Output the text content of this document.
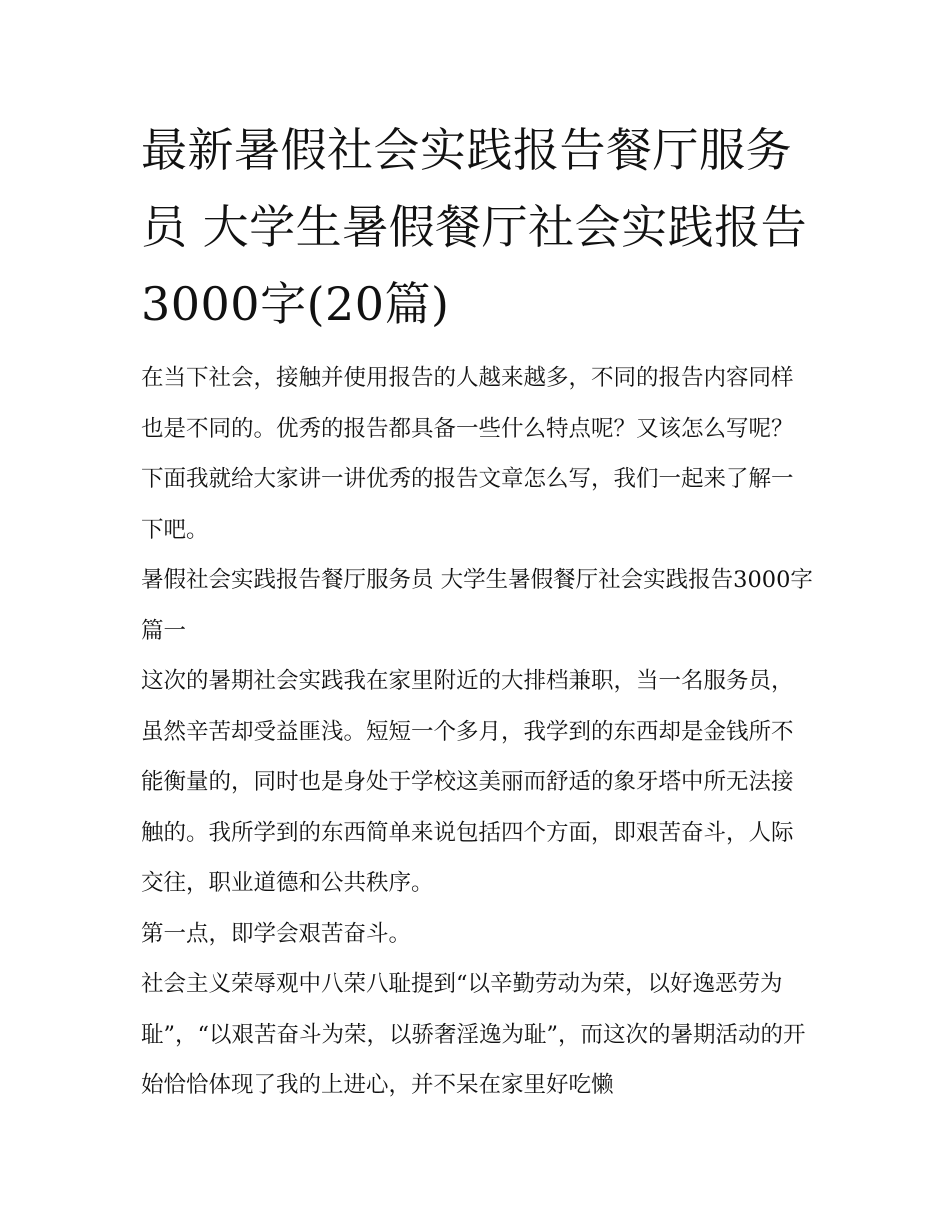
最新暑假社会实践报告餐厅服务员 大学生暑假餐厅社会实践报告3000字(20篇)

在当下社会，接触并使用报告的人越来越多，不同的报告内容同样也是不同的。优秀的报告都具备一些什么特点呢？又该怎么写呢？下面我就给大家讲一讲优秀的报告文章怎么写，我们一起来了解一下吧。

暑假社会实践报告餐厅服务员 大学生暑假餐厅社会实践报告3000字篇一

这次的暑期社会实践我在家里附近的大排档兼职，当一名服务员，虽然辛苦却受益匪浅。短短一个多月，我学到的东西却是金钱所不能衡量的，同时也是身处于学校这美丽而舒适的象牙塔中所无法接触的。我所学到的东西简单来说包括四个方面，即艰苦奋斗，人际交往，职业道德和公共秩序。

第一点，即学会艰苦奋斗。

社会主义荣辱观中八荣八耻提到“以辛勤劳动为荣，以好逸恶劳为耻”，“以艰苦奋斗为荣，以骄奢淫逸为耻”，而这次的暑期活动的开始恰恰体现了我的上进心，并不呆在家里好吃懒
